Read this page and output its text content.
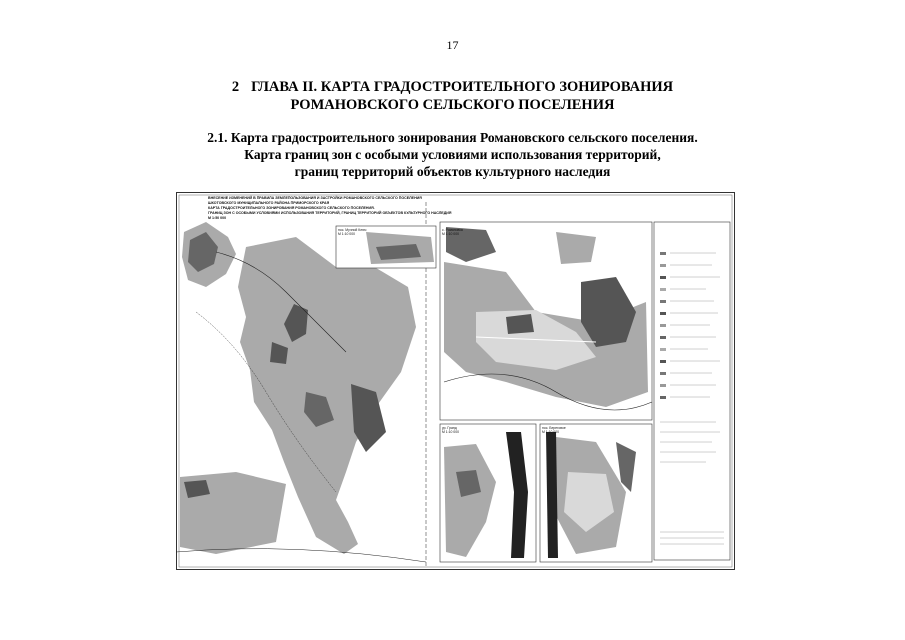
17
2 ГЛАВА II. КАРТА ГРАДОСТРОИТЕЛЬНОГО ЗОНИРОВАНИЯ
РОМАНОВСКОГО СЕЛЬСКОГО ПОСЕЛЕНИЯ
2.1. Карта градостроительного зонирования Романовского сельского поселения.
Карта границ зон с особыми условиями использования территорий,
границ территорий объектов культурного наследия
ВНЕСЕНИЕ ИЗМЕНЕНИЙ В ПРАВИЛА ЗЕМЛЕПОЛЬЗОВАНИЯ И ЗАСТРОЙКИ РОМАНОВСКОГО СЕЛЬСКОГО ПОСЕЛЕНИЯ
ШКОТОВСКОГО МУНИЦИПАЛЬНОГО РАЙОНА ПРИМОРСКОГО КРАЯ
КАРТА ГРАДОСТРОИТЕЛЬНОГО ЗОНИРОВАНИЯ РОМАНОВСКОГО СЕЛЬСКОГО ПОСЕЛЕНИЯ.
ГРАНИЦ ЗОН С ОСОБЫМИ УСЛОВИЯМИ ИСПОЛЬЗОВАНИЯ ТЕРРИТОРИЙ, ГРАНИЦ ТЕРРИТОРИЙ ОБЪЕКТОВ КУЛЬТУРНОГО НАСЛЕДИЯ
М 1:50 000
пос. Мучной Ключ
М 1:10 000
с. Романовка
М 1:10 000
ур. Гранд
М 1:10 000
пос. Береговое
М 1:10 000
